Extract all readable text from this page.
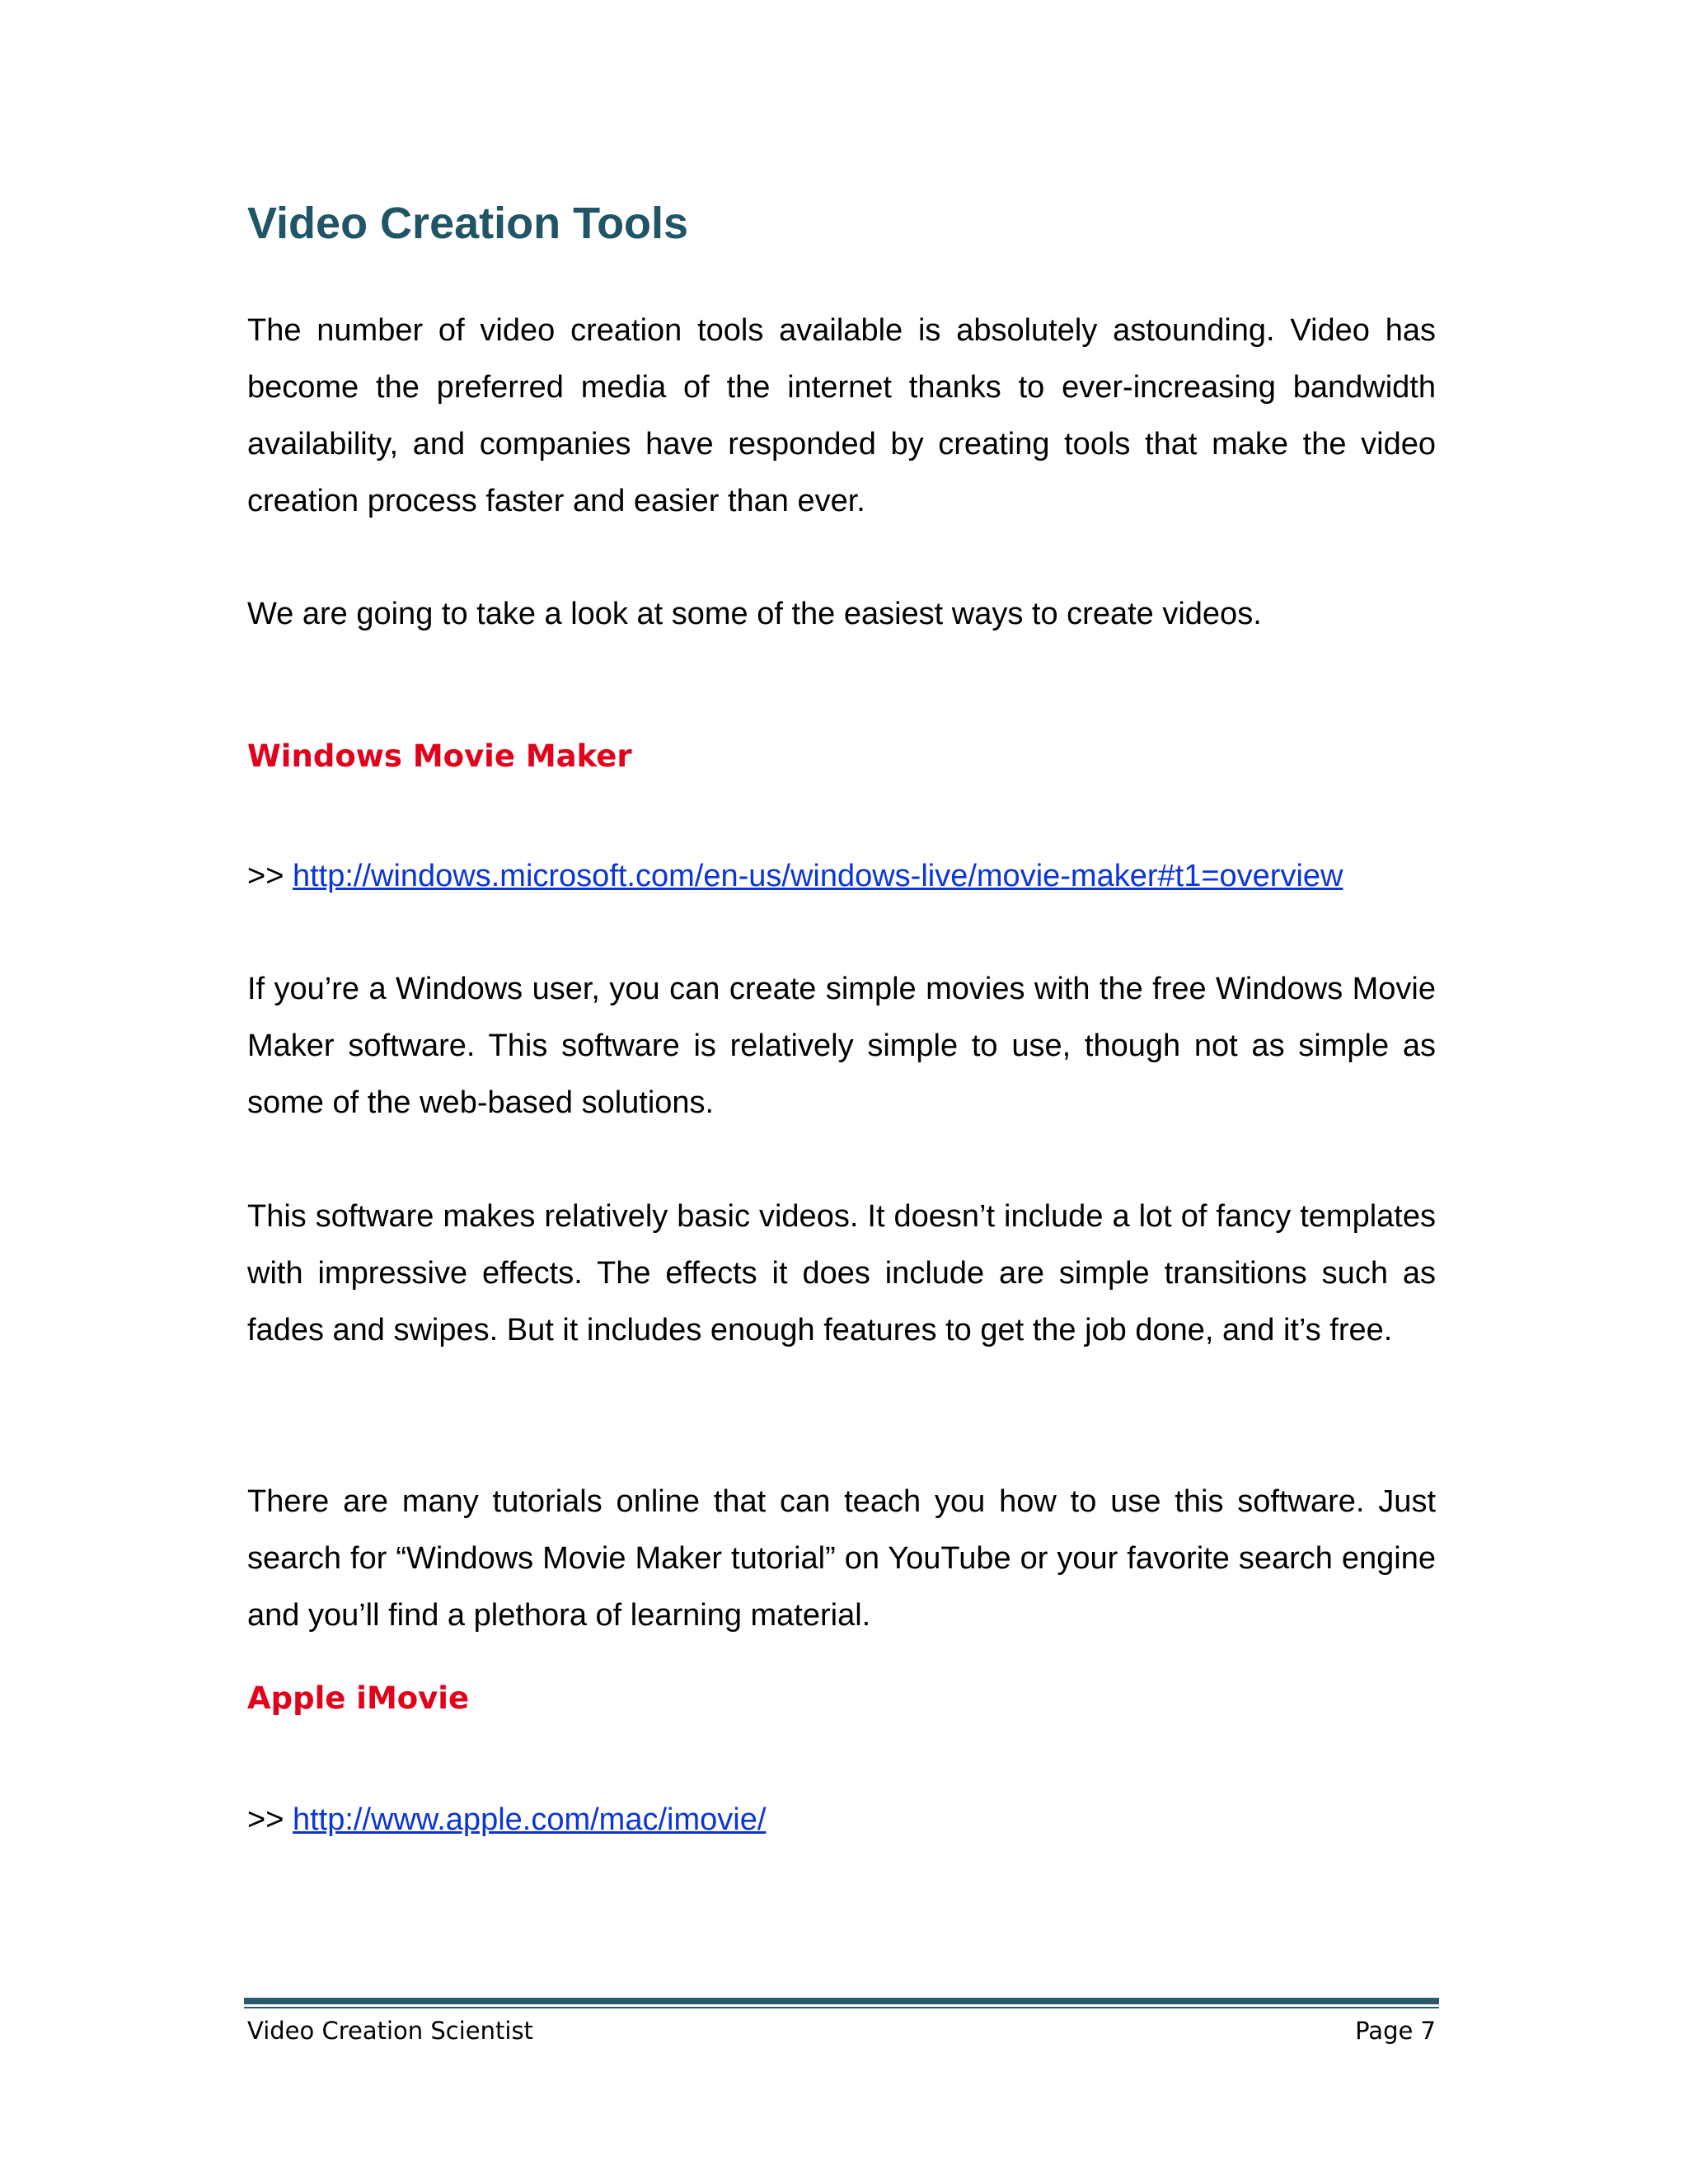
Video Creation Tools

The number of video creation tools available is absolutely astounding. Video has become the preferred media of the internet thanks to ever-increasing bandwidth availability, and companies have responded by creating tools that make the video creation process faster and easier than ever.

We are going to take a look at some of the easiest ways to create videos.

Windows Movie Maker

>> http://windows.microsoft.com/en-us/windows-live/movie-maker#t1=overview

If you’re a Windows user, you can create simple movies with the free Windows Movie Maker software. This software is relatively simple to use, though not as simple as some of the web-based solutions.

This software makes relatively basic videos. It doesn’t include a lot of fancy templates with impressive effects. The effects it does include are simple transitions such as fades and swipes. But it includes enough features to get the job done, and it’s free.

There are many tutorials online that can teach you how to use this software. Just search for “Windows Movie Maker tutorial” on YouTube or your favorite search engine and you’ll find a plethora of learning material.

Apple iMovie

>> http://www.apple.com/mac/imovie/

Video Creation Scientist	Page 7
